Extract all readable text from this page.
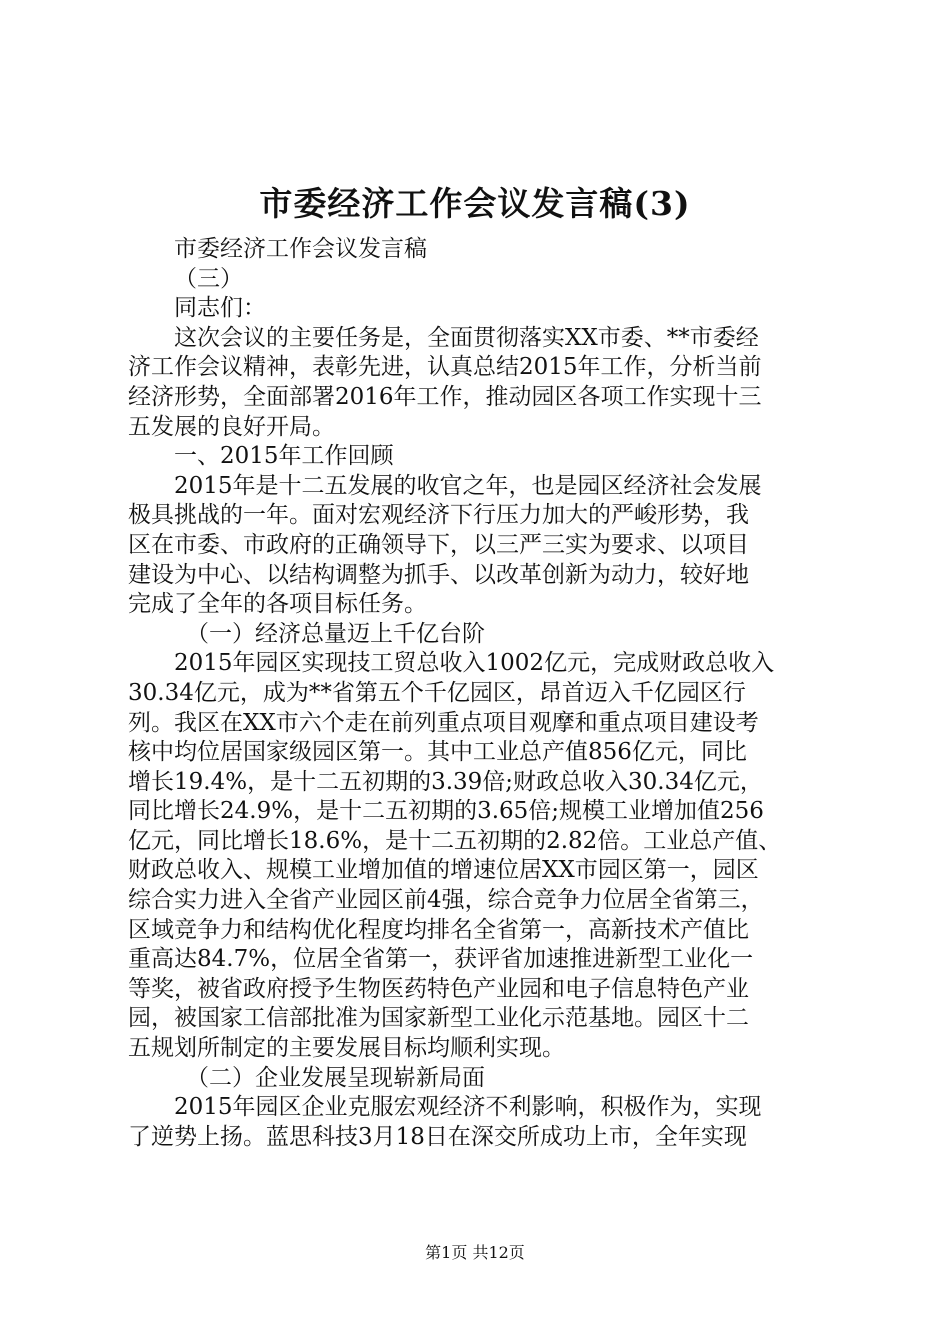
市委经济工作会议发言稿(3)

市委经济工作会议发言稿

（三）

同志们：

这次会议的主要任务是，全面贯彻落实XX市委、**市委经

济工作会议精神，表彰先进，认真总结2015年工作，分析当前

经济形势，全面部署2016年工作，推动园区各项工作实现十三

五发展的良好开局。

一、2015年工作回顾

2015年是十二五发展的收官之年，也是园区经济社会发展

极具挑战的一年。面对宏观经济下行压力加大的严峻形势，我

区在市委、市政府的正确领导下，以三严三实为要求、以项目

建设为中心、以结构调整为抓手、以改革创新为动力，较好地

完成了全年的各项目标任务。

（一）经济总量迈上千亿台阶

2015年园区实现技工贸总收入1002亿元，完成财政总收入

30.34亿元，成为**省第五个千亿园区，昂首迈入千亿园区行

列。我区在XX市六个走在前列重点项目观摩和重点项目建设考

核中均位居国家级园区第一。其中工业总产值856亿元，同比

增长19.4%，是十二五初期的3.39倍;财政总收入30.34亿元，

同比增长24.9%，是十二五初期的3.65倍;规模工业增加值256

亿元，同比增长18.6%，是十二五初期的2.82倍。工业总产值、

财政总收入、规模工业增加值的增速位居XX市园区第一，园区

综合实力进入全省产业园区前4强，综合竞争力位居全省第三，

区域竞争力和结构优化程度均排名全省第一，高新技术产值比

重高达84.7%，位居全省第一，获评省加速推进新型工业化一

等奖，被省政府授予生物医药特色产业园和电子信息特色产业

园，被国家工信部批准为国家新型工业化示范基地。园区十二

五规划所制定的主要发展目标均顺利实现。

（二）企业发展呈现崭新局面

2015年园区企业克服宏观经济不利影响，积极作为，实现

了逆势上扬。蓝思科技3月18日在深交所成功上市，全年实现

第1页 共12页
